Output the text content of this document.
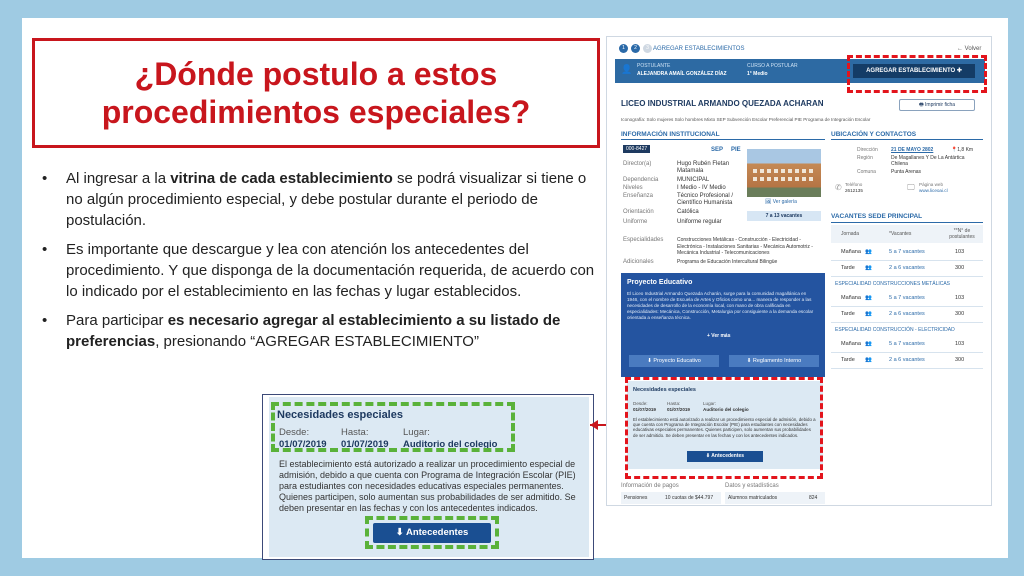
¿Dónde postulo a estos
procedimientos especiales?
• Al ingresar a la vitrina de cada establecimiento se podrá visualizar si tiene o no algún procedimiento especial, y debe postular durante el periodo de postulación.
• Es importante que descargue y lea con atención los antecedentes del procedimiento. Y que disponga de la documentación requerida, de acuerdo con lo indicado por el establecimiento en las fechas y lugar establecidos.
• Para participar es necesario agregar al establecimiento a su listado de preferencias, presionando “AGREGAR ESTABLECIMIENTO”
Necesidades especiales
Desde:	Hasta:	Lugar:
01/07/2019 01/07/2019 Auditorio del colegio
El establecimiento está autorizado a realizar un procedimiento especial de admisión, debido a que cuenta con Programa de Integración Escolar (PIE) para estudiantes con necesidades educativas especiales permanentes. Quienes participen, solo aumentan sus probabilidades de ser admitido. Se deben presentar en las fechas y con los antecedentes indicados.
⬇ Antecedentes
1	2	3 AGREGAR ESTABLECIMIENTOS	← Volver
👤 POSTULANTE
ALEJANDRA AMAÍL GONZÁLEZ DÍAZ
CURSO A POSTULAR
1° Medio	AGREGAR ESTABLECIMIENTO ✚
LICEO INDUSTRIAL ARMANDO QUEZADA ACHARAN	🖶 Imprimir ficha
Iconografía: Solo mujeres Solo hombres Mixto SEP Subvención Escolar Preferencial PIE Programa de Integración Escolar
INFORMACIÓN INSTITUCIONAL	UBICACIÓN Y CONTACTOS
000-8427	SEP PIE
Director(a)	Hugo Rubén Fletan Matamala
Dependencia	MUNICIPAL
Niveles	I Medio - IV Medio
Enseñanza	Técnico Profesional / Científico Humanista
Orientación	Católica
Uniforme	Uniforme regular
🖼 Ver galería
7 a 13 vacantes
Especialidades	Construcciones Metálicas - Construcción - Electricidad - Electrónica - Instalaciones Sanitarias - Mecánica Automotriz - Mecánica Industrial - Telecomunicaciones
Adicionales	Programa de Educación Intercultural Bilingüe
Proyecto Educativo
El Liceo Industrial Armando Quezada Acharán, surge para la comunidad magallánica en 1946, con el nombre de Escuela de Artes y Oficios como una... manera de responder a las necesidades de desarrollo de la economía local, con mano de obra calificada en especialidades: Mecánica, Construcción, Metalurgia por consiguiente a la demanda escolar orientada a enseñanza técnica.
+ Ver más
⬇ Proyecto Educativo	⬇ Reglamento Interno
Necesidades especiales
Desde:	Hasta:	Lugar:
01/07/2019 01/07/2019	Auditorio del colegio
El establecimiento está autorizado a realizar un procedimiento especial de admisión, debido a que cuenta con Programa de Integración Escolar (PIE) para estudiantes con necesidades educativas especiales permanentes. Quienes participen, solo aumentan sus probabilidades de ser admitido. Se deben presentar en las fechas y con los antecedentes indicados.
⬇ Antecedentes
Información de pagos	Datos y estadísticas
Pensiones	10 cuotas de $44.797	Alumnos matriculados	824
Dirección	21 DE MAYO 2802	📍1,8 Km
Región	De Magallanes Y De La Antártica Chilena
Comuna	Punta Arenas
✆ Teléfono
2612135	🖵 Página web
www.liceoai.cl
VACANTES SEDE PRINCIPAL
Jornada	*Vacantes	**N° de postulantes
Mañana 👥	5 a 7 vacantes	103
Tarde 👥	2 a 6 vacantes	300
ESPECIALIDAD CONSTRUCCIONES METÁLICAS
Mañana 👥	5 a 7 vacantes	103
Tarde 👥	2 a 6 vacantes	300
ESPECIALIDAD CONSTRUCCIÓN - ELECTRICIDAD
Mañana 👥	5 a 7 vacantes	103
Tarde 👥	2 a 6 vacantes	300
